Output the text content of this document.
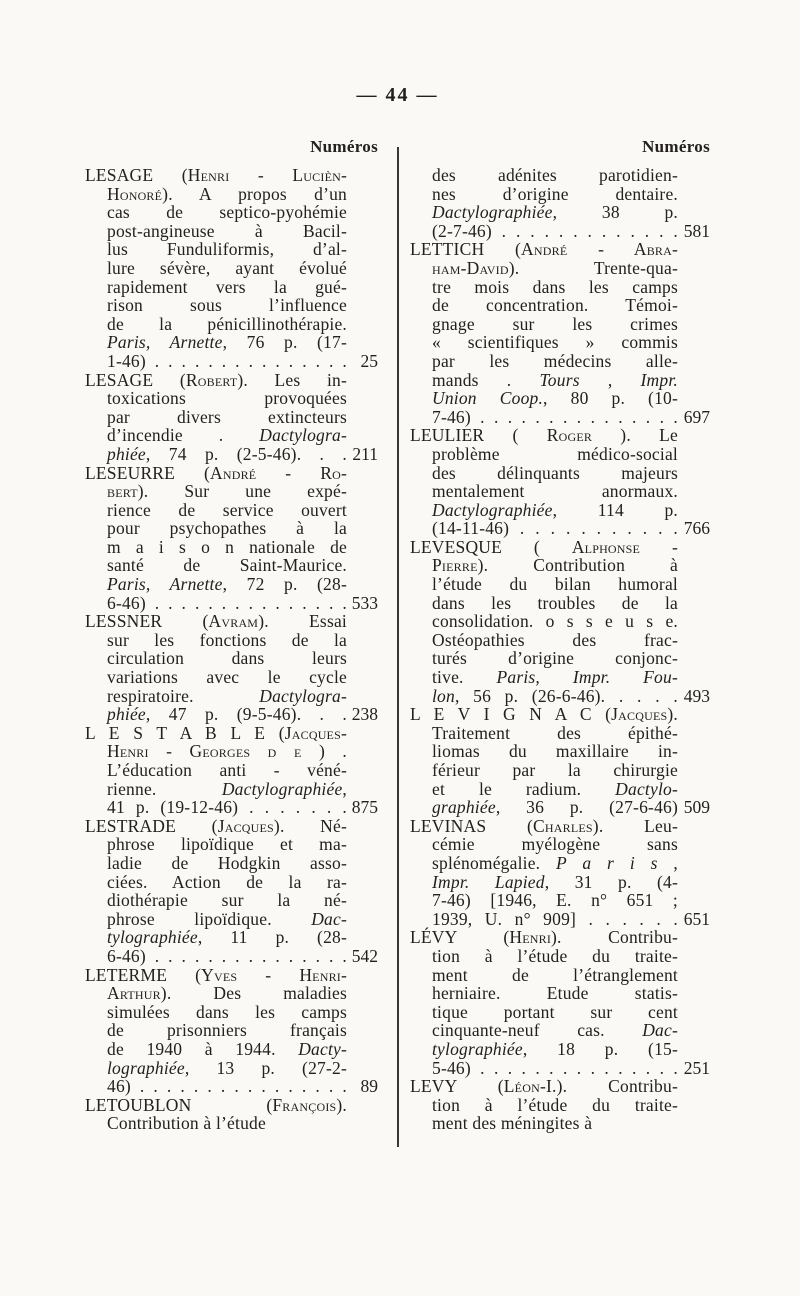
— 44 —
Numéros
LESAGE (Henri - Lucièn-
Honoré). A propos d’un
cas de septico-pyohémie
post-angineuse à Bacil-
lus Funduliformis, d’al-
lure sévère, ayant évolué
rapidement vers la gué-
rison sous l’influence
de la pénicillinothérapie.
Paris, Arnette, 76 p. (17-
1-46) . . . . . . . . . . . . . . . 25
LESAGE (Robert). Les in-
toxications provoquées
par divers extincteurs
d’incendie . Dactylogra-
phiée, 74 p. (2-5-46). . . 211
LESEURRE (André - Ro-
bert). Sur une expé-
rience de service ouvert
pour psychopathes à la
m a i s o n nationale de
santé de Saint-Maurice.
Paris, Arnette, 72 p. (28-
6-46) . . . . . . . . . . . . . . . 533
LESSNER (Avram). Essai
sur les fonctions de la
circulation dans leurs
variations avec le cycle
respiratoire. Dactylogra-
phiée, 47 p. (9-5-46). . . 238
L E S T A B L E (Jacques-
Henri - Georges d e ) .
L’éducation anti - véné-
rienne. Dactylographiée,
41 p. (19-12-46) . . . . . . . 875
LESTRADE (Jacques). Né-
phrose lipoïdique et ma-
ladie de Hodgkin asso-
ciées. Action de la ra-
diothérapie sur la né-
phrose lipoïdique. Dac-
tylographiée, 11 p. (28-
6-46) . . . . . . . . . . . . . . . 542
LETERME (Yves - Henri-
Arthur). Des maladies
simulées dans les camps
de prisonniers français
de 1940 à 1944. Dacty-
lographiée, 13 p. (27-2-
46) . . . . . . . . . . . . . . . . 89
LETOUBLON (François).
Contribution à l’étude
Numéros
des adénites parotidien-
nes d’origine dentaire.
Dactylographiée, 38 p.
(2-7-46) . . . . . . . . . . . . . 581
LETTICH (André - Abra-
ham-David). Trente-qua-
tre mois dans les camps
de concentration. Témoi-
gnage sur les crimes
« scientifiques » commis
par les médecins alle-
mands . Tours , Impr.
Union Coop., 80 p. (10-
7-46) . . . . . . . . . . . . . . . 697
LEULIER ( Roger ). Le
problème médico-social
des délinquants majeurs
mentalement anormaux.
Dactylographiée, 114 p.
(14-11-46) . . . . . . . . . . . 766
LEVESQUE ( Alphonse -
Pierre). Contribution à
l’étude du bilan humoral
dans les troubles de la
consolidation. o s s e u s e.
Ostéopathies des frac-
turés d’origine conjonc-
tive. Paris, Impr. Fou-
lon, 56 p. (26-6-46). . . . . 493
L E V I G N A C (Jacques).
Traitement des épithé-
liomas du maxillaire in-
férieur par la chirurgie
et le radium. Dactylo-
graphiée, 36 p. (27-6-46) 509
LEVINAS (Charles). Leu-
cémie myélogène sans
splénomégalie. P a r i s ,
Impr. Lapied, 31 p. (4-
7-46) [1946, E. n° 651 ;
1939, U. n° 909] . . . . . . 651
LÉVY (Henri). Contribu-
tion à l’étude du traite-
ment de l’étranglement
herniaire. Etude statis-
tique portant sur cent
cinquante-neuf cas. Dac-
tylographiée, 18 p. (15-
5-46) . . . . . . . . . . . . . . . 251
LEVY (Léon-I.). Contribu-
tion à l’étude du traite-
ment des méningites à
